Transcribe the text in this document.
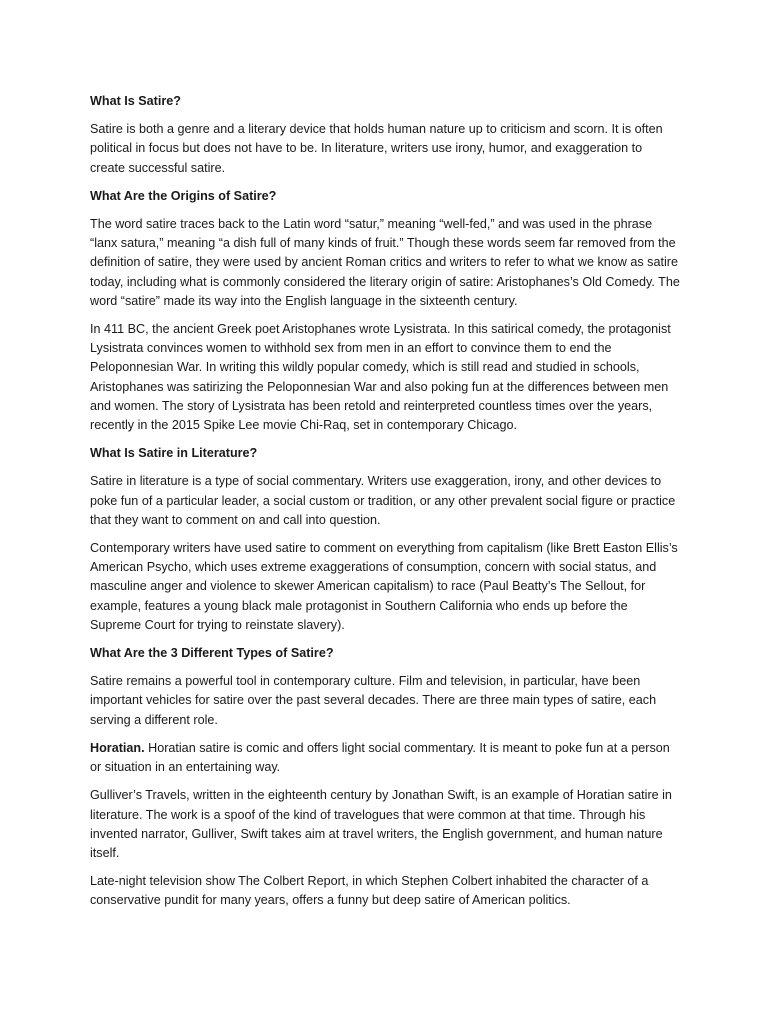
What Is Satire?
Satire is both a genre and a literary device that holds human nature up to criticism and scorn. It is often political in focus but does not have to be. In literature, writers use irony, humor, and exaggeration to create successful satire.
What Are the Origins of Satire?
The word satire traces back to the Latin word “satur,” meaning “well-fed,” and was used in the phrase “lanx satura,” meaning “a dish full of many kinds of fruit.” Though these words seem far removed from the definition of satire, they were used by ancient Roman critics and writers to refer to what we know as satire today, including what is commonly considered the literary origin of satire: Aristophanes’s Old Comedy. The word “satire” made its way into the English language in the sixteenth century.
In 411 BC, the ancient Greek poet Aristophanes wrote Lysistrata. In this satirical comedy, the protagonist Lysistrata convinces women to withhold sex from men in an effort to convince them to end the Peloponnesian War. In writing this wildly popular comedy, which is still read and studied in schools, Aristophanes was satirizing the Peloponnesian War and also poking fun at the differences between men and women. The story of Lysistrata has been retold and reinterpreted countless times over the years, recently in the 2015 Spike Lee movie Chi-Raq, set in contemporary Chicago.
What Is Satire in Literature?
Satire in literature is a type of social commentary. Writers use exaggeration, irony, and other devices to poke fun of a particular leader, a social custom or tradition, or any other prevalent social figure or practice that they want to comment on and call into question.
Contemporary writers have used satire to comment on everything from capitalism (like Brett Easton Ellis’s American Psycho, which uses extreme exaggerations of consumption, concern with social status, and masculine anger and violence to skewer American capitalism) to race (Paul Beatty’s The Sellout, for example, features a young black male protagonist in Southern California who ends up before the Supreme Court for trying to reinstate slavery).
What Are the 3 Different Types of Satire?
Satire remains a powerful tool in contemporary culture. Film and television, in particular, have been important vehicles for satire over the past several decades. There are three main types of satire, each serving a different role.
Horatian. Horatian satire is comic and offers light social commentary. It is meant to poke fun at a person or situation in an entertaining way.
Gulliver’s Travels, written in the eighteenth century by Jonathan Swift, is an example of Horatian satire in literature. The work is a spoof of the kind of travelogues that were common at that time. Through his invented narrator, Gulliver, Swift takes aim at travel writers, the English government, and human nature itself.
Late-night television show The Colbert Report, in which Stephen Colbert inhabited the character of a conservative pundit for many years, offers a funny but deep satire of American politics.
